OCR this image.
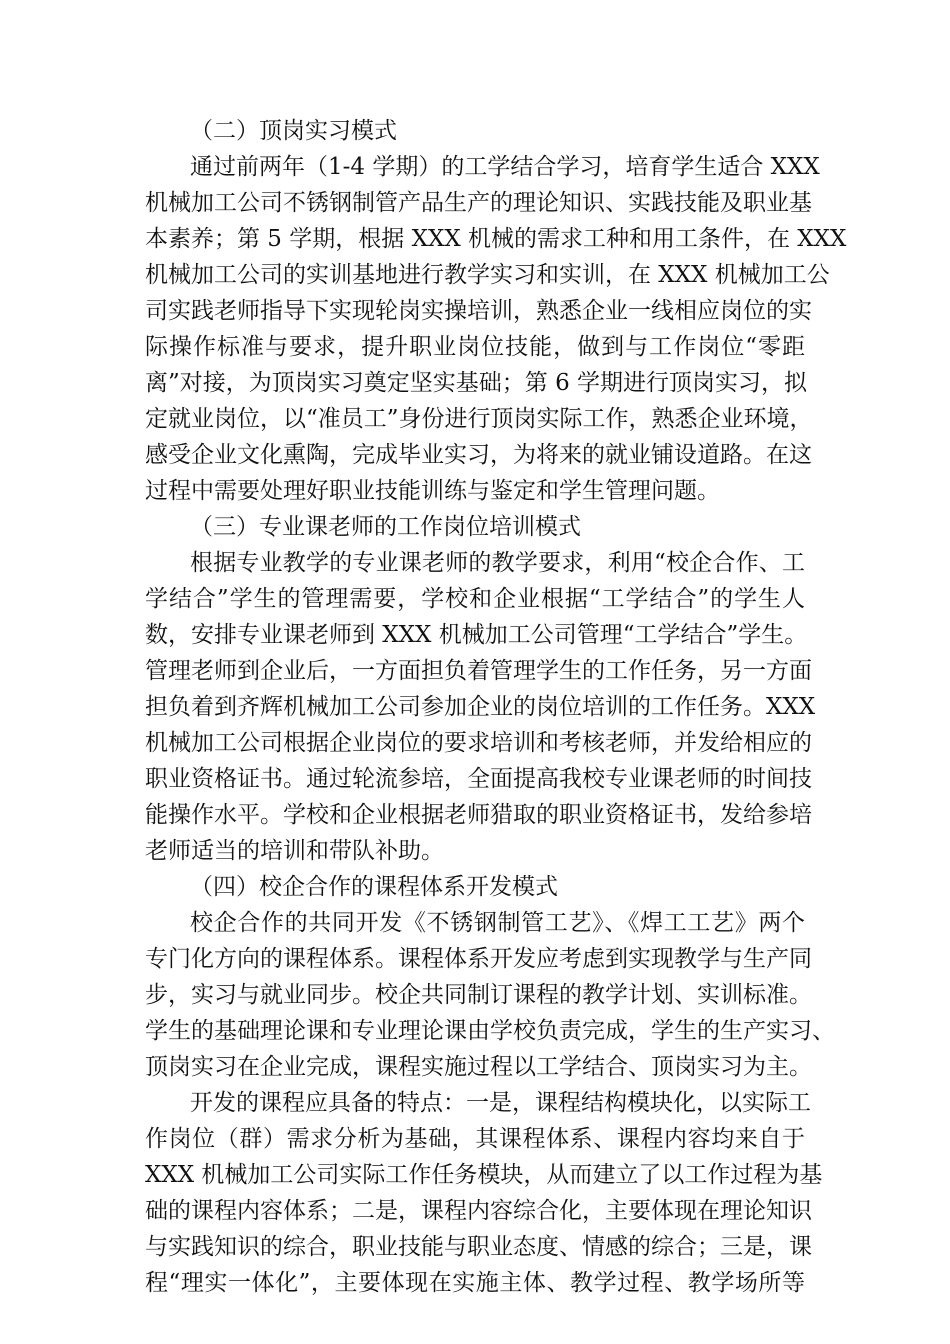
（二）顶岗实习模式
通过前两年（1-4 学期）的工学结合学习，培育学生适合 XXX
机械加工公司不锈钢制管产品生产的理论知识、实践技能及职业基
本素养；第 5 学期，根据 XXX 机械的需求工种和用工条件，在 XXX
机械加工公司的实训基地进行教学实习和实训，在 XXX 机械加工公
司实践老师指导下实现轮岗实操培训，熟悉企业一线相应岗位的实
际操作标准与要求，提升职业岗位技能，做到与工作岗位“零距
离”对接，为顶岗实习奠定坚实基础；第 6 学期进行顶岗实习，拟
定就业岗位，以“准员工”身份进行顶岗实际工作，熟悉企业环境，
感受企业文化熏陶，完成毕业实习，为将来的就业铺设道路。在这
过程中需要处理好职业技能训练与鉴定和学生管理问题。
（三）专业课老师的工作岗位培训模式
根据专业教学的专业课老师的教学要求，利用“校企合作、工
学结合”学生的管理需要，学校和企业根据“工学结合”的学生人
数，安排专业课老师到 XXX 机械加工公司管理“工学结合”学生。
管理老师到企业后，一方面担负着管理学生的工作任务，另一方面
担负着到齐辉机械加工公司参加企业的岗位培训的工作任务。XXX
机械加工公司根据企业岗位的要求培训和考核老师，并发给相应的
职业资格证书。通过轮流参培，全面提高我校专业课老师的时间技
能操作水平。学校和企业根据老师猎取的职业资格证书，发给参培
老师适当的培训和带队补助。
（四）校企合作的课程体系开发模式
校企合作的共同开发《不锈钢制管工艺》、《焊工工艺》两个
专门化方向的课程体系。课程体系开发应考虑到实现教学与生产同
步，实习与就业同步。校企共同制订课程的教学计划、实训标准。
学生的基础理论课和专业理论课由学校负责完成，学生的生产实习、
顶岗实习在企业完成，课程实施过程以工学结合、顶岗实习为主。
开发的课程应具备的特点：一是，课程结构模块化，以实际工
作岗位（群）需求分析为基础，其课程体系、课程内容均来自于
XXX 机械加工公司实际工作任务模块，从而建立了以工作过程为基
础的课程内容体系；二是，课程内容综合化，主要体现在理论知识
与实践知识的综合，职业技能与职业态度、情感的综合；三是，课
程“理实一体化”，主要体现在实施主体、教学过程、教学场所等
